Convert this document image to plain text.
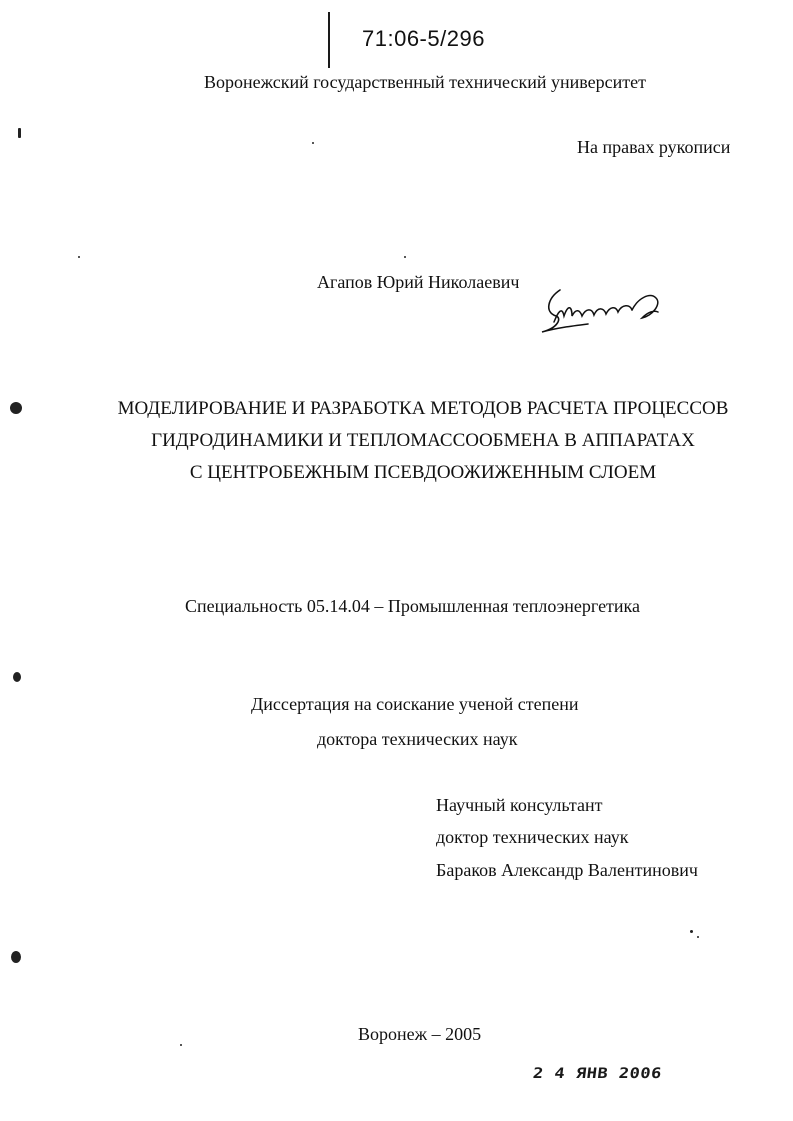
71:06-5/296
Воронежский государственный технический университет
На правах рукописи
Агапов Юрий Николаевич
МОДЕЛИРОВАНИЕ И РАЗРАБОТКА МЕТОДОВ РАСЧЕТА ПРОЦЕССОВ
ГИДРОДИНАМИКИ И ТЕПЛОМАССООБМЕНА В АППАРАТАХ
С ЦЕНТРОБЕЖНЫМ ПСЕВДООЖИЖЕННЫМ СЛОЕМ
Специальность 05.14.04 – Промышленная теплоэнергетика
Диссертация на соискание ученой степени
доктора технических наук
Научный консультант
доктор технических наук
Бараков Александр Валентинович
Воронеж – 2005
2 4 ЯНВ 2006
